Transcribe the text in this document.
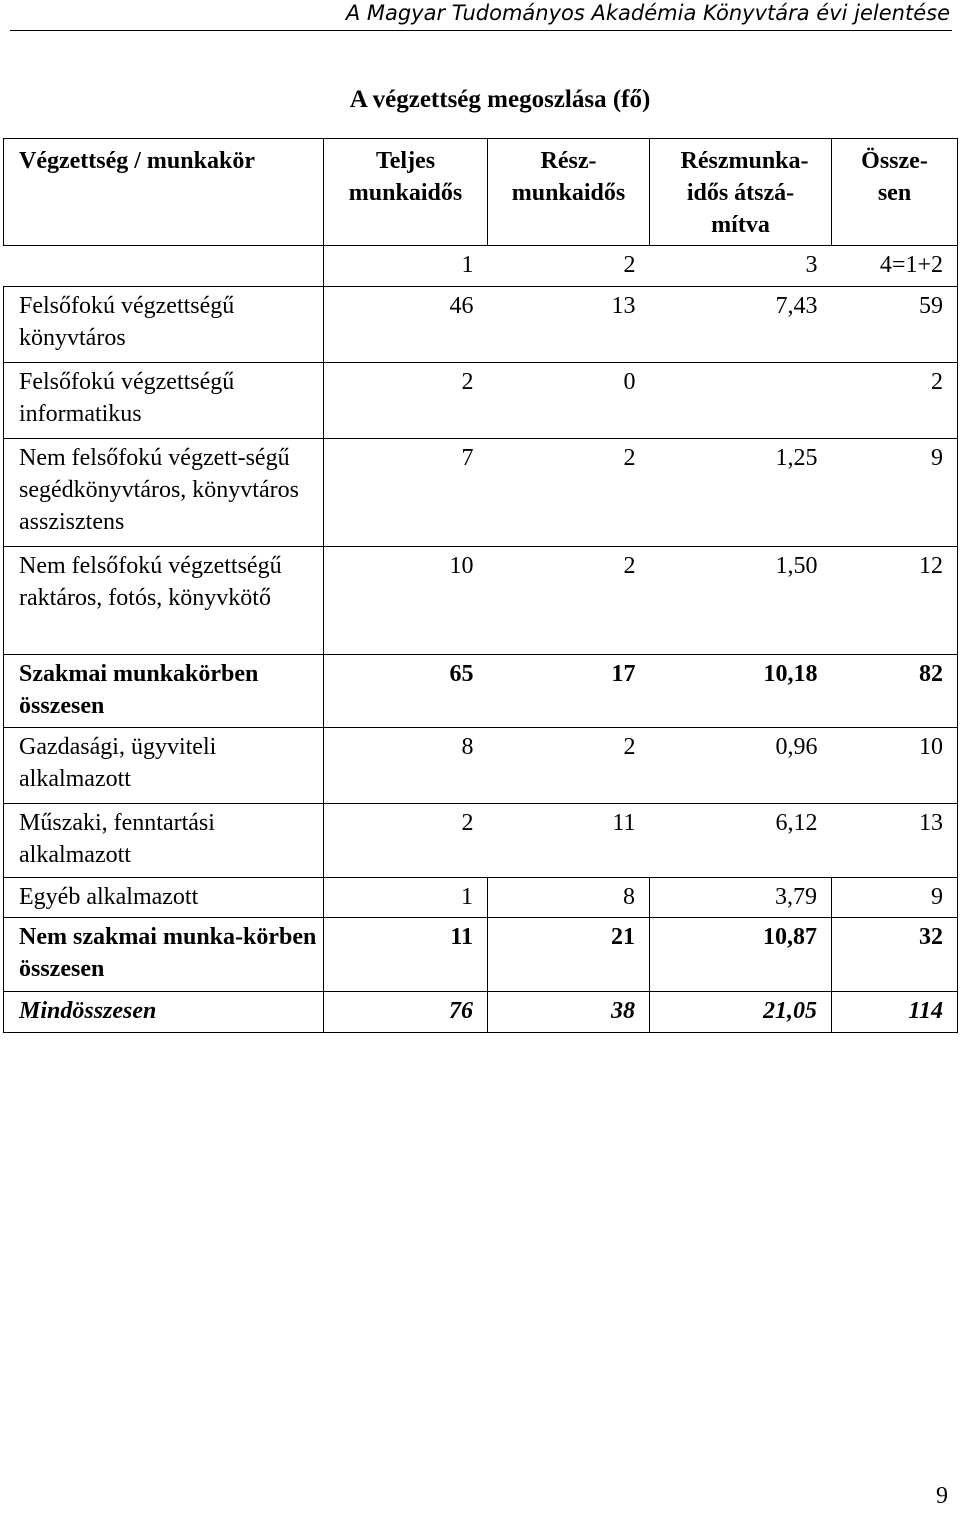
A Magyar Tudományos Akadémia Könyvtára évi jelentése
A végzettség megoszlása (fő)
Végzettség / munkakör	Teljes munkaidős	Rész-munkaidős	Részmunka-idős átszá-mítva	Össze-sen

	1	2	3	4=1+2
Felsőfokú végzettségű könyvtáros	46	13	7,43	59
Felsőfokú végzettségű informatikus	2	0		2
Nem felsőfokú végzett-ségű segédkönyvtáros, könyvtáros asszisztens	7	2	1,25	9
Nem felsőfokú végzettségű raktáros, fotós, könyvkötő	10	2	1,50	12
Szakmai munkakörben összesen	65	17	10,18	82
Gazdasági, ügyviteli alkalmazott	8	2	0,96	10
Műszaki, fenntartási alkalmazott	2	11	6,12	13
Egyéb alkalmazott	1	8	3,79	9
Nem szakmai munka-körben összesen	11	21	10,87	32
Mindösszesen	76	38	21,05	114
9
